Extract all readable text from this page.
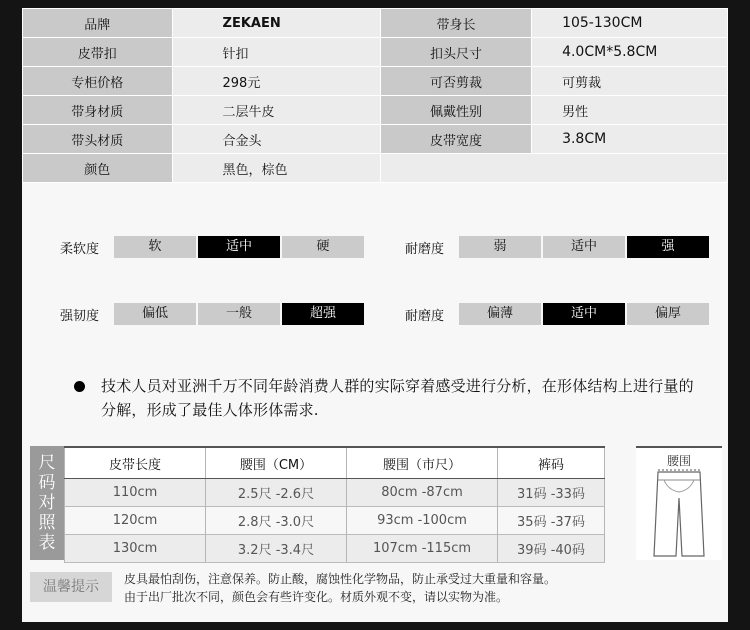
品牌	ZEKAEN	带身长	105-130CM
皮带扣	针扣	扣头尺寸	4.0CM*5.8CM
专柜价格	298元	可否剪裁	可剪裁
带身材质	二层牛皮	佩戴性别	男性
带头材质	合金头	皮带宽度	3.8CM
颜色	黑色，棕色		
柔软度	软	适中	硬	耐磨度	弱	适中	强
强韧度	偏低	一般	超强	耐磨度	偏薄	适中	偏厚
技术人员对亚洲千万不同年龄消费人群的实际穿着感受进行分析，在形体结构上进行量的分解，形成了最佳人体形体需求.
尺
码
对
照
表
皮带长度	腰围（CM）	腰围（市尺）	裤码
110cm	2.5尺 -2.6尺	80cm -87cm	31码 -33码
120cm	2.8尺 -3.0尺	93cm -100cm	35码 -37码
130cm	3.2尺 -3.4尺	107cm -115cm	39码 -40码
腰围
温馨提示	皮具最怕刮伤，注意保养。防止酸，腐蚀性化学物品，防止承受过大重量和容量。
由于出厂批次不同，颜色会有些许变化。材质外观不变，请以实物为准。
